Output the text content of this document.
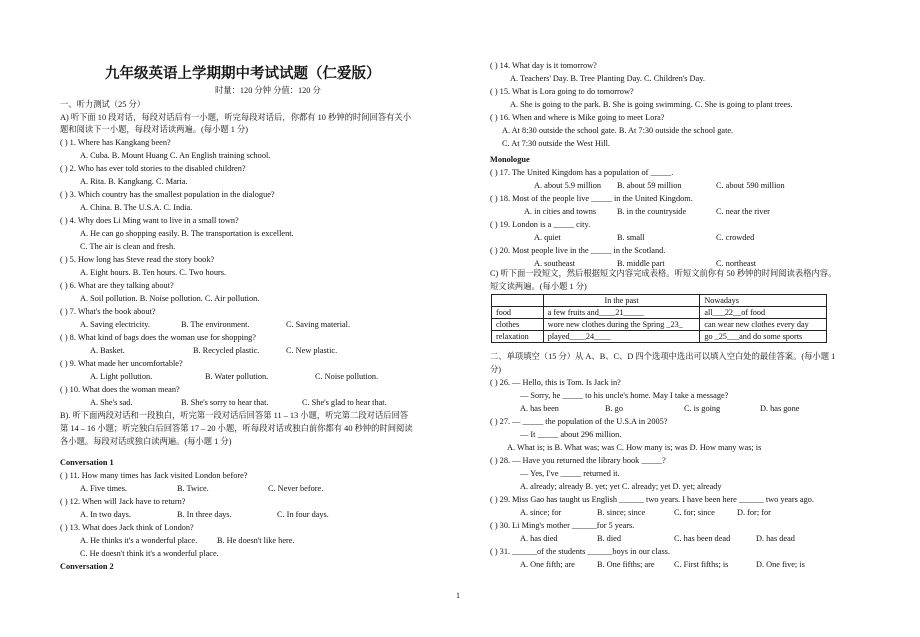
九年级英语上学期期中考试试题（仁爱版）
时量：120 分钟 分值：120 分
一、听力测试（25 分）
A) 听下面 10 段对话，每段对话后有一小题，听完每段对话后，你都有 10 秒钟的时间回答有关小
题和阅读下一小题，每段对话读两遍。(每小题 1 分)
( ) 1. Where has Kangkang been?
A. Cuba. B. Mount Huang C. An English training school.
( ) 2. Who has ever told stories to the disabled children?
A. Rita. B. Kangkang. C. Maria.
( ) 3. Which country has the smallest population in the dialogue?
A. China. B. The U.S.A. C. India.
( ) 4. Why does Li Ming want to live in a small town?
A. He can go shopping easily. B. The transportation is excellent.
C. The air is clean and fresh.
( ) 5. How long has Steve read the story book?
A. Eight hours. B. Ten hours. C. Two hours.
( ) 6. What are they talking about?
A. Soil pollution. B. Noise pollution. C. Air pollution.
( ) 7. What's the book about?
A. Saving electricity.	B. The environment.	C. Saving material.
( ) 8. What kind of bags does the woman use for shopping?
A. Basket.	B. Recycled plastic.	C. New plastic.
( ) 9. What made her uncomfortable?
A. Light pollution.	B. Water pollution.	C. Noise pollution.
( ) 10. What does the woman mean?
A. She's sad.	B. She's sorry to hear that.	C. She's glad to hear that.
B). 听下面两段对话和一段独白，听完第一段对话后回答第 11 – 13 小题，听完第二段对话后回答
第 14 – 16 小题；听完独白后回答第 17 – 20 小题，听每段对话或独白前你都有 40 秒钟的时间阅读
各小题。每段对话或独白读两遍。(每小题 1 分)
Conversation 1
( ) 11. How many times has Jack visited London before?
A. Five times.	B. Twice.	C. Never before.
( ) 12. When will Jack have to return?
A. In two days.	B. In three days.	C. In four days.
( ) 13. What does Jack think of London?
A. He thinks it's a wonderful place. B. He doesn't like here.
C. He doesn't think it's a wonderful place.
Conversation 2
	In the past	Nowadays
food	a few fruits and____21_____	all___22__of food
clothes	wore new clothes during the Spring _23_	can wear new clothes every day
relaxation	played____24____	go _25___and do some sports
( ) 14. What day is it tomorrow?
A. Teachers' Day. B. Tree Planting Day. C. Children's Day.
( ) 15. What is Lora going to do tomorrow?
A. She is going to the park. B. She is going swimming. C. She is going to plant trees.
( ) 16. When and where is Mike going to meet Lora?
A. At 8:30 outside the school gate. B. At 7:30 outside the school gate.
C. At 7:30 outside the West Hill.
Monologue
( ) 17. The United Kingdom has a population of _____.
A. about 5.9 million B. about 59 million	C. about 590 million
( ) 18. Most of the people live _____ in the United Kingdom.
A. in cities and towns	B. in the countryside	C. near the river
( ) 19. London is a _____ city.
A. quiet	B. small	C. crowded
( ) 20. Most people live in the _____ in the Scotland.
A. southeast	B. middle part	C. northeast
C) 听下面一段短文，然后根据短文内容完成表格。听短文前你有 50 秒钟的时间阅读表格内容。
短文读两遍。(每小题 1 分)
二、单项填空（15 分）从 A、B、C、D 四个选项中选出可以填入空白处的最佳答案。(每小题 1
分)
( ) 26. — Hello, this is Tom. Is Jack in?
— Sorry, he _____ to his uncle's home. May I take a message?
A. has been	B. go	C. is going	D. has gone
( ) 27. — _____ the population of the U.S.A in 2005?
— It _____ about 296 million.
A. What is; is B. What was; was C. How many is; was D. How many was; is
( ) 28. — Have you returned the library book _____?
— Yes, I've _____ returned it.
A. already; already B. yet; yet C. already; yet D. yet; already
( ) 29. Miss Gao has taught us English ______ two years. I have been here ______ two years ago.
A. since; for	B. since; since	C. for; since	D. for; for
( ) 30. Li Ming's mother ______for 5 years.
A. has died	B. died	C. has been dead	D. has dead
( ) 31. ______of the students ______boys in our class.
A. One fifth; are	B. One fifths; are C. First fifths; is	D. One five; is
1
